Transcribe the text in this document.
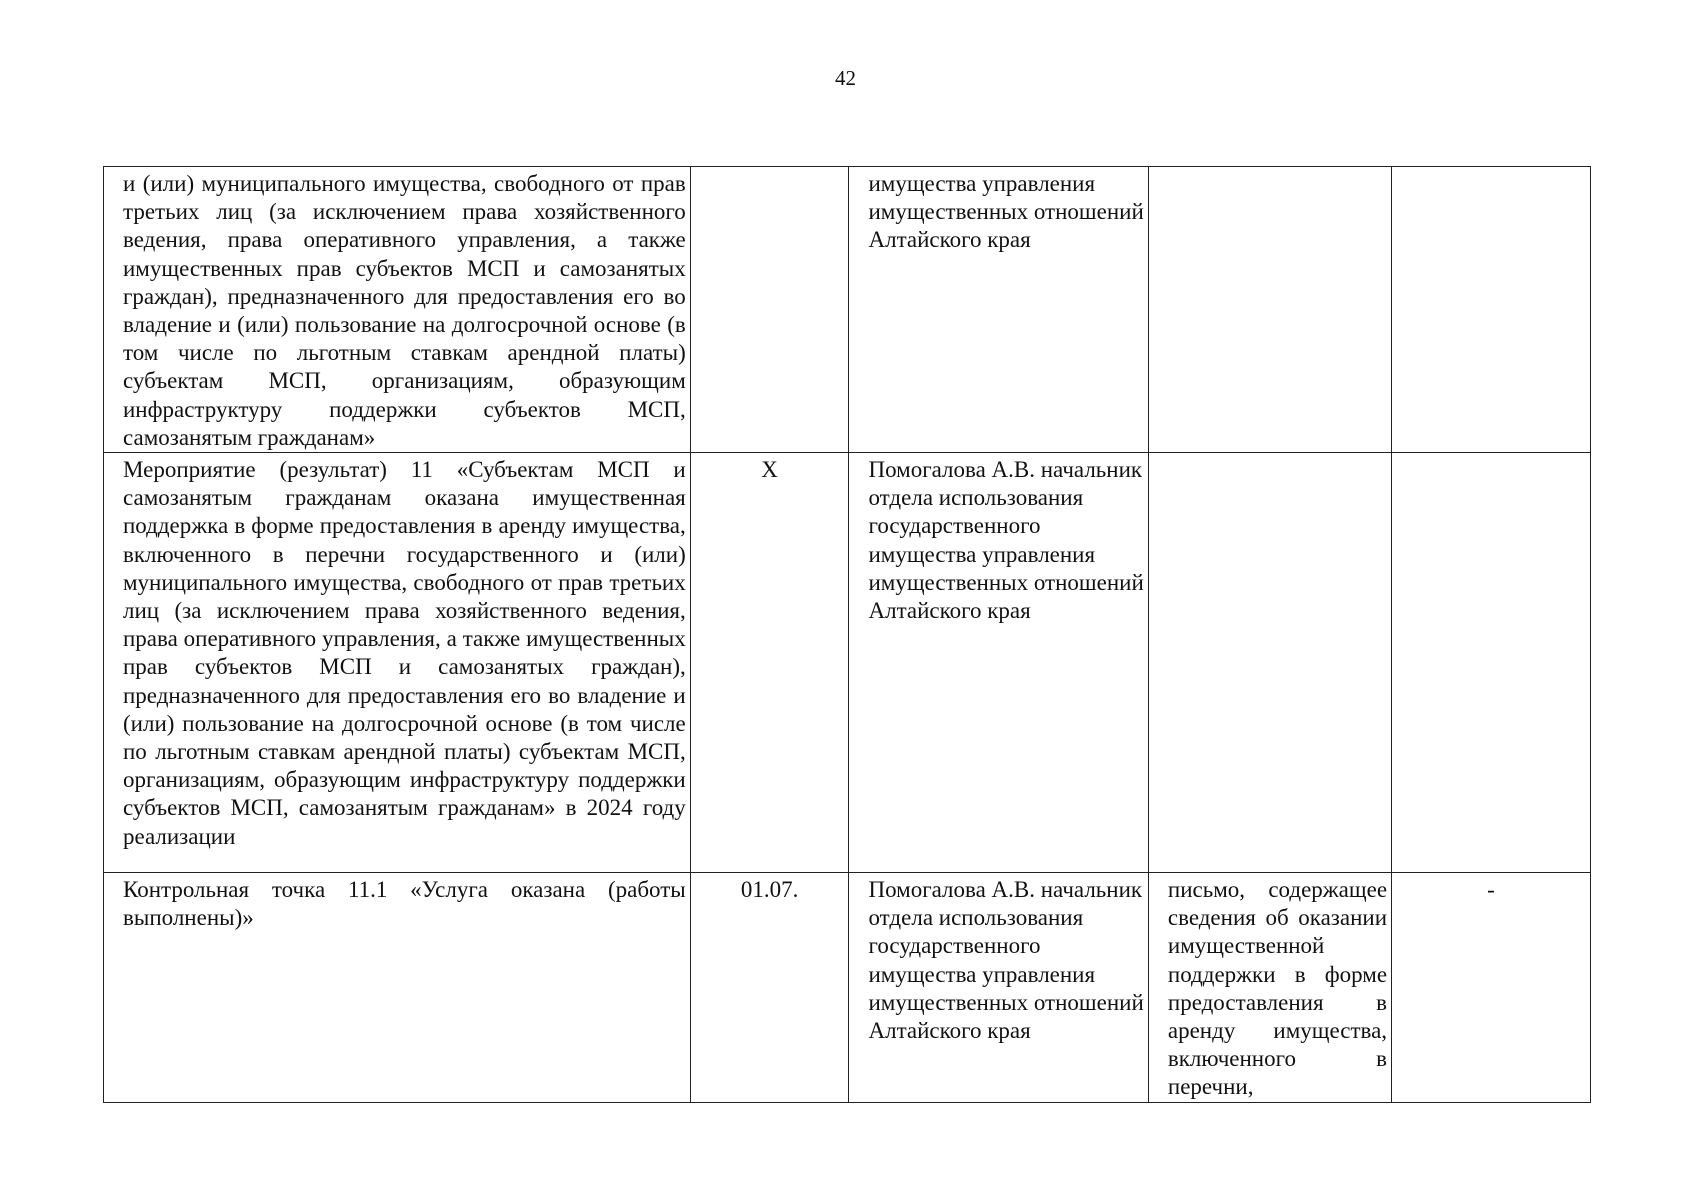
42
и (или) муниципального имущества, свободного от прав третьих лиц (за исключением права хозяйственного ведения, права оперативного управления, а также имущественных прав субъектов МСП и самозанятых граждан), предназначенного для предоставления его во владение и (или) пользование на долгосрочной основе (в том числе по льготным ставкам арендной платы) субъектам МСП, организациям, образующим инфраструктуру поддержки субъектов МСП, самозанятым гражданам»		имущества управления имущественных отношений Алтайского края		
Мероприятие (результат) 11 «Субъектам МСП и самозанятым гражданам оказана имущественная поддержка в форме предоставления в аренду имущества, включенного в перечни государственного и (или) муниципального имущества, свободного от прав третьих лиц (за исключением права хозяйственного ведения, права оперативного управления, а также имущественных прав субъектов МСП и самозанятых граждан), предназначенного для предоставления его во владение и (или) пользование на долгосрочной основе (в том числе по льготным ставкам арендной платы) субъектам МСП, организациям, образующим инфраструктуру поддержки субъектов МСП, самозанятым гражданам» в 2024 году реализации	X	Помогалова А.В. начальник отдела использования государственного имущества управления имущественных отношений Алтайского края		
Контрольная точка 11.1 «Услуга оказана (работы выполнены)»	01.07.	Помогалова А.В. начальник отдела использования государственного имущества управления имущественных отношений Алтайского края	письмо, содержащее сведения об оказании имущественной поддержки в форме предоставления в аренду имущества, включенного в перечни,	-
